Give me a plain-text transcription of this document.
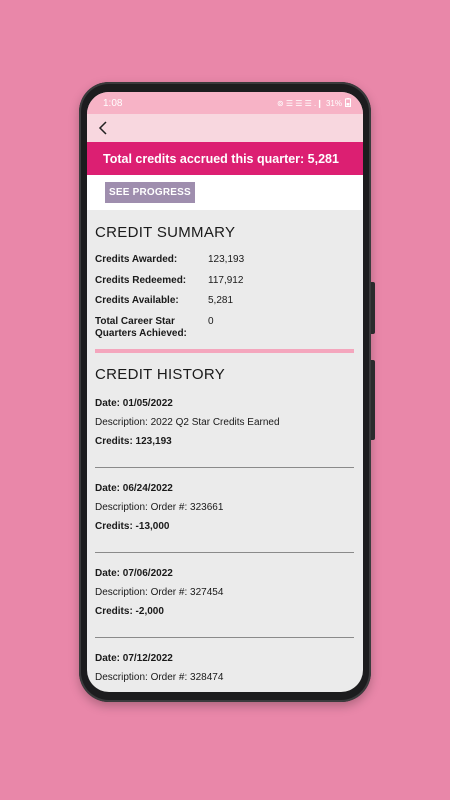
1:08	⊚ ☰ ☰ ☰ .❙ 31%
Total credits accrued this quarter: 5,281
SEE PROGRESS
CREDIT SUMMARY
Credits Awarded:	123,193
Credits Redeemed:	117,912
Credits Available:	5,281
Total Career Star Quarters Achieved:
0
CREDIT HISTORY
Date: 01/05/2022
Description: 2022 Q2 Star Credits Earned
Credits: 123,193
Date: 06/24/2022
Description: Order #: 323661
Credits: -13,000
Date: 07/06/2022
Description: Order #: 327454
Credits: -2,000
Date: 07/12/2022
Description: Order #: 328474
